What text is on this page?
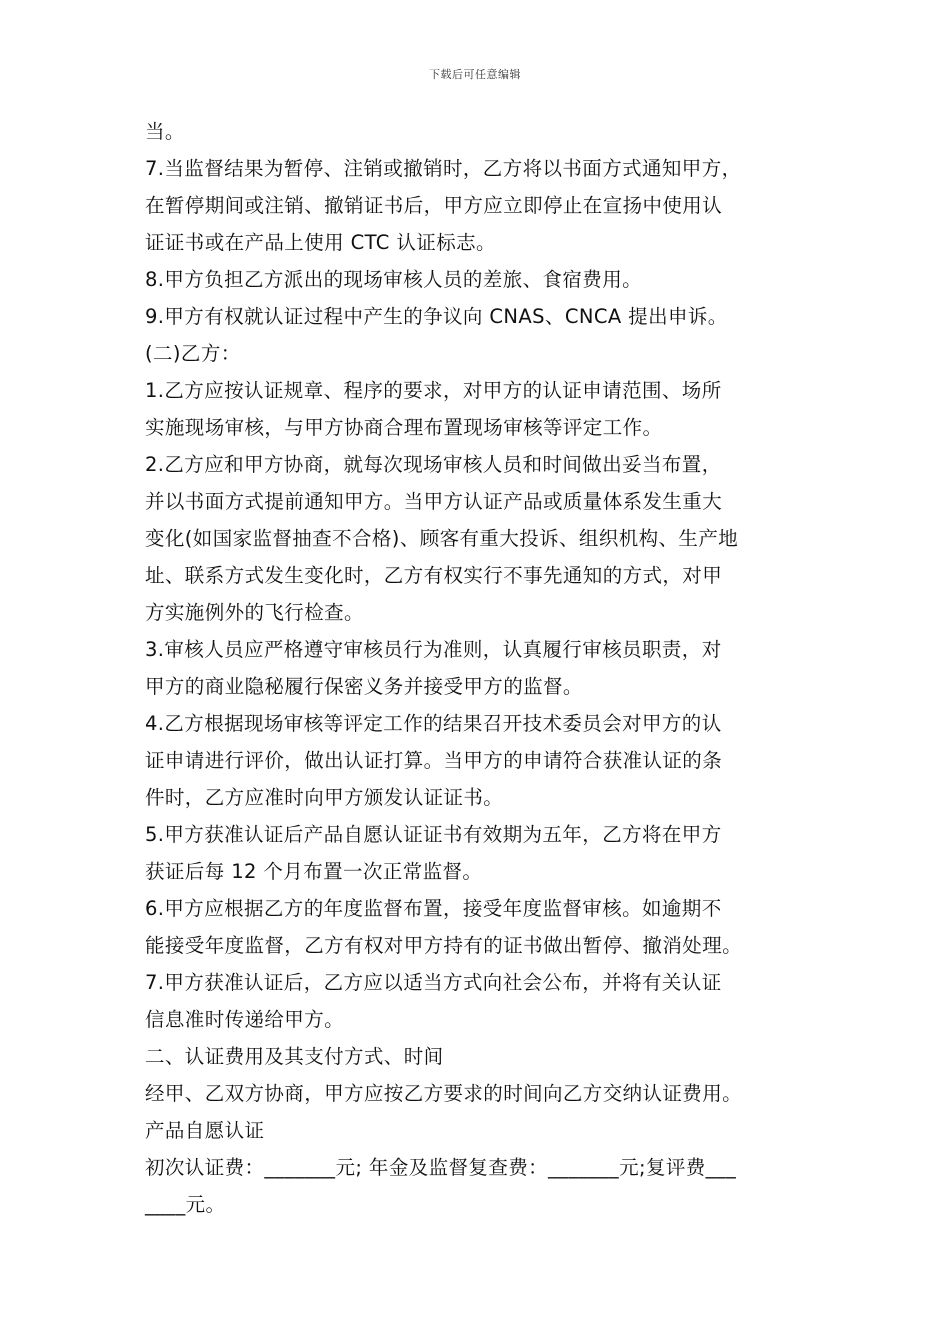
下载后可任意编辑
当。
7.当监督结果为暂停、注销或撤销时，乙方将以书面方式通知甲方，
在暂停期间或注销、撤销证书后，甲方应立即停止在宣扬中使用认
证证书或在产品上使用 CTC 认证标志。
8.甲方负担乙方派出的现场审核人员的差旅、食宿费用。
9.甲方有权就认证过程中产生的争议向 CNAS、CNCA 提出申诉。
(二)乙方：
1.乙方应按认证规章、程序的要求，对甲方的认证申请范围、场所
实施现场审核，与甲方协商合理布置现场审核等评定工作。
2.乙方应和甲方协商，就每次现场审核人员和时间做出妥当布置，
并以书面方式提前通知甲方。当甲方认证产品或质量体系发生重大
变化(如国家监督抽查不合格)、顾客有重大投诉、组织机构、生产地
址、联系方式发生变化时，乙方有权实行不事先通知的方式，对甲
方实施例外的飞行检查。
3.审核人员应严格遵守审核员行为准则，认真履行审核员职责，对
甲方的商业隐秘履行保密义务并接受甲方的监督。
4.乙方根据现场审核等评定工作的结果召开技术委员会对甲方的认
证申请进行评价，做出认证打算。当甲方的申请符合获准认证的条
件时，乙方应准时向甲方颁发认证证书。
5.甲方获准认证后产品自愿认证证书有效期为五年，乙方将在甲方
获证后每 12 个月布置一次正常监督。
6.甲方应根据乙方的年度监督布置，接受年度监督审核。如逾期不
能接受年度监督，乙方有权对甲方持有的证书做出暂停、撤消处理。
7.甲方获准认证后，乙方应以适当方式向社会公布，并将有关认证
信息准时传递给甲方。
二、认证费用及其支付方式、时间
经甲、乙双方协商，甲方应按乙方要求的时间向乙方交纳认证费用。
产品自愿认证
初次认证费：_______元; 年金及监督复查费：_______元;复评费___
____元。
